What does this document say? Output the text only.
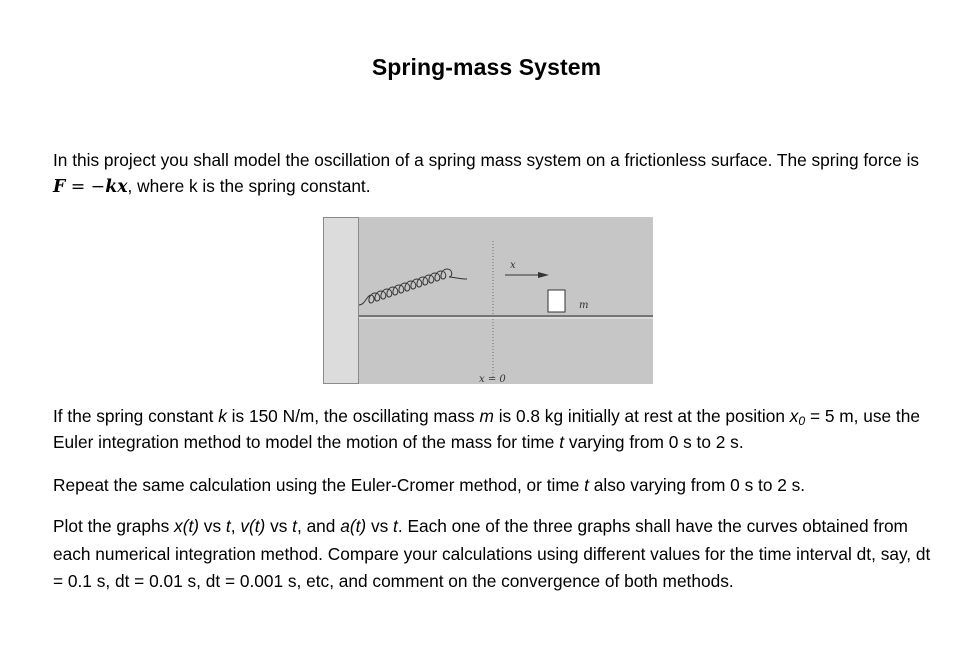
Spring-mass System

In this project you shall model the oscillation of a spring mass system on a frictionless surface. The spring force is F = −kx, where k is the spring constant.

x
m
x = 0

If the spring constant k is 150 N/m, the oscillating mass m is 0.8 kg initially at rest at the position $x_0 = 5$ m, use the Euler integration method to model the motion of the mass for time t varying from 0 s to 2 s.

Repeat the same calculation using the Euler-Cromer method, or time t also varying from 0 s to 2 s.

Plot the graphs x(t) vs t, v(t) vs t, and a(t) vs t. Each one of the three graphs shall have the curves obtained from each numerical integration method. Compare your calculations using different values for the time interval dt, say, dt = 0.1 s, dt = 0.01 s, dt = 0.001 s, etc, and comment on the convergence of both methods.
